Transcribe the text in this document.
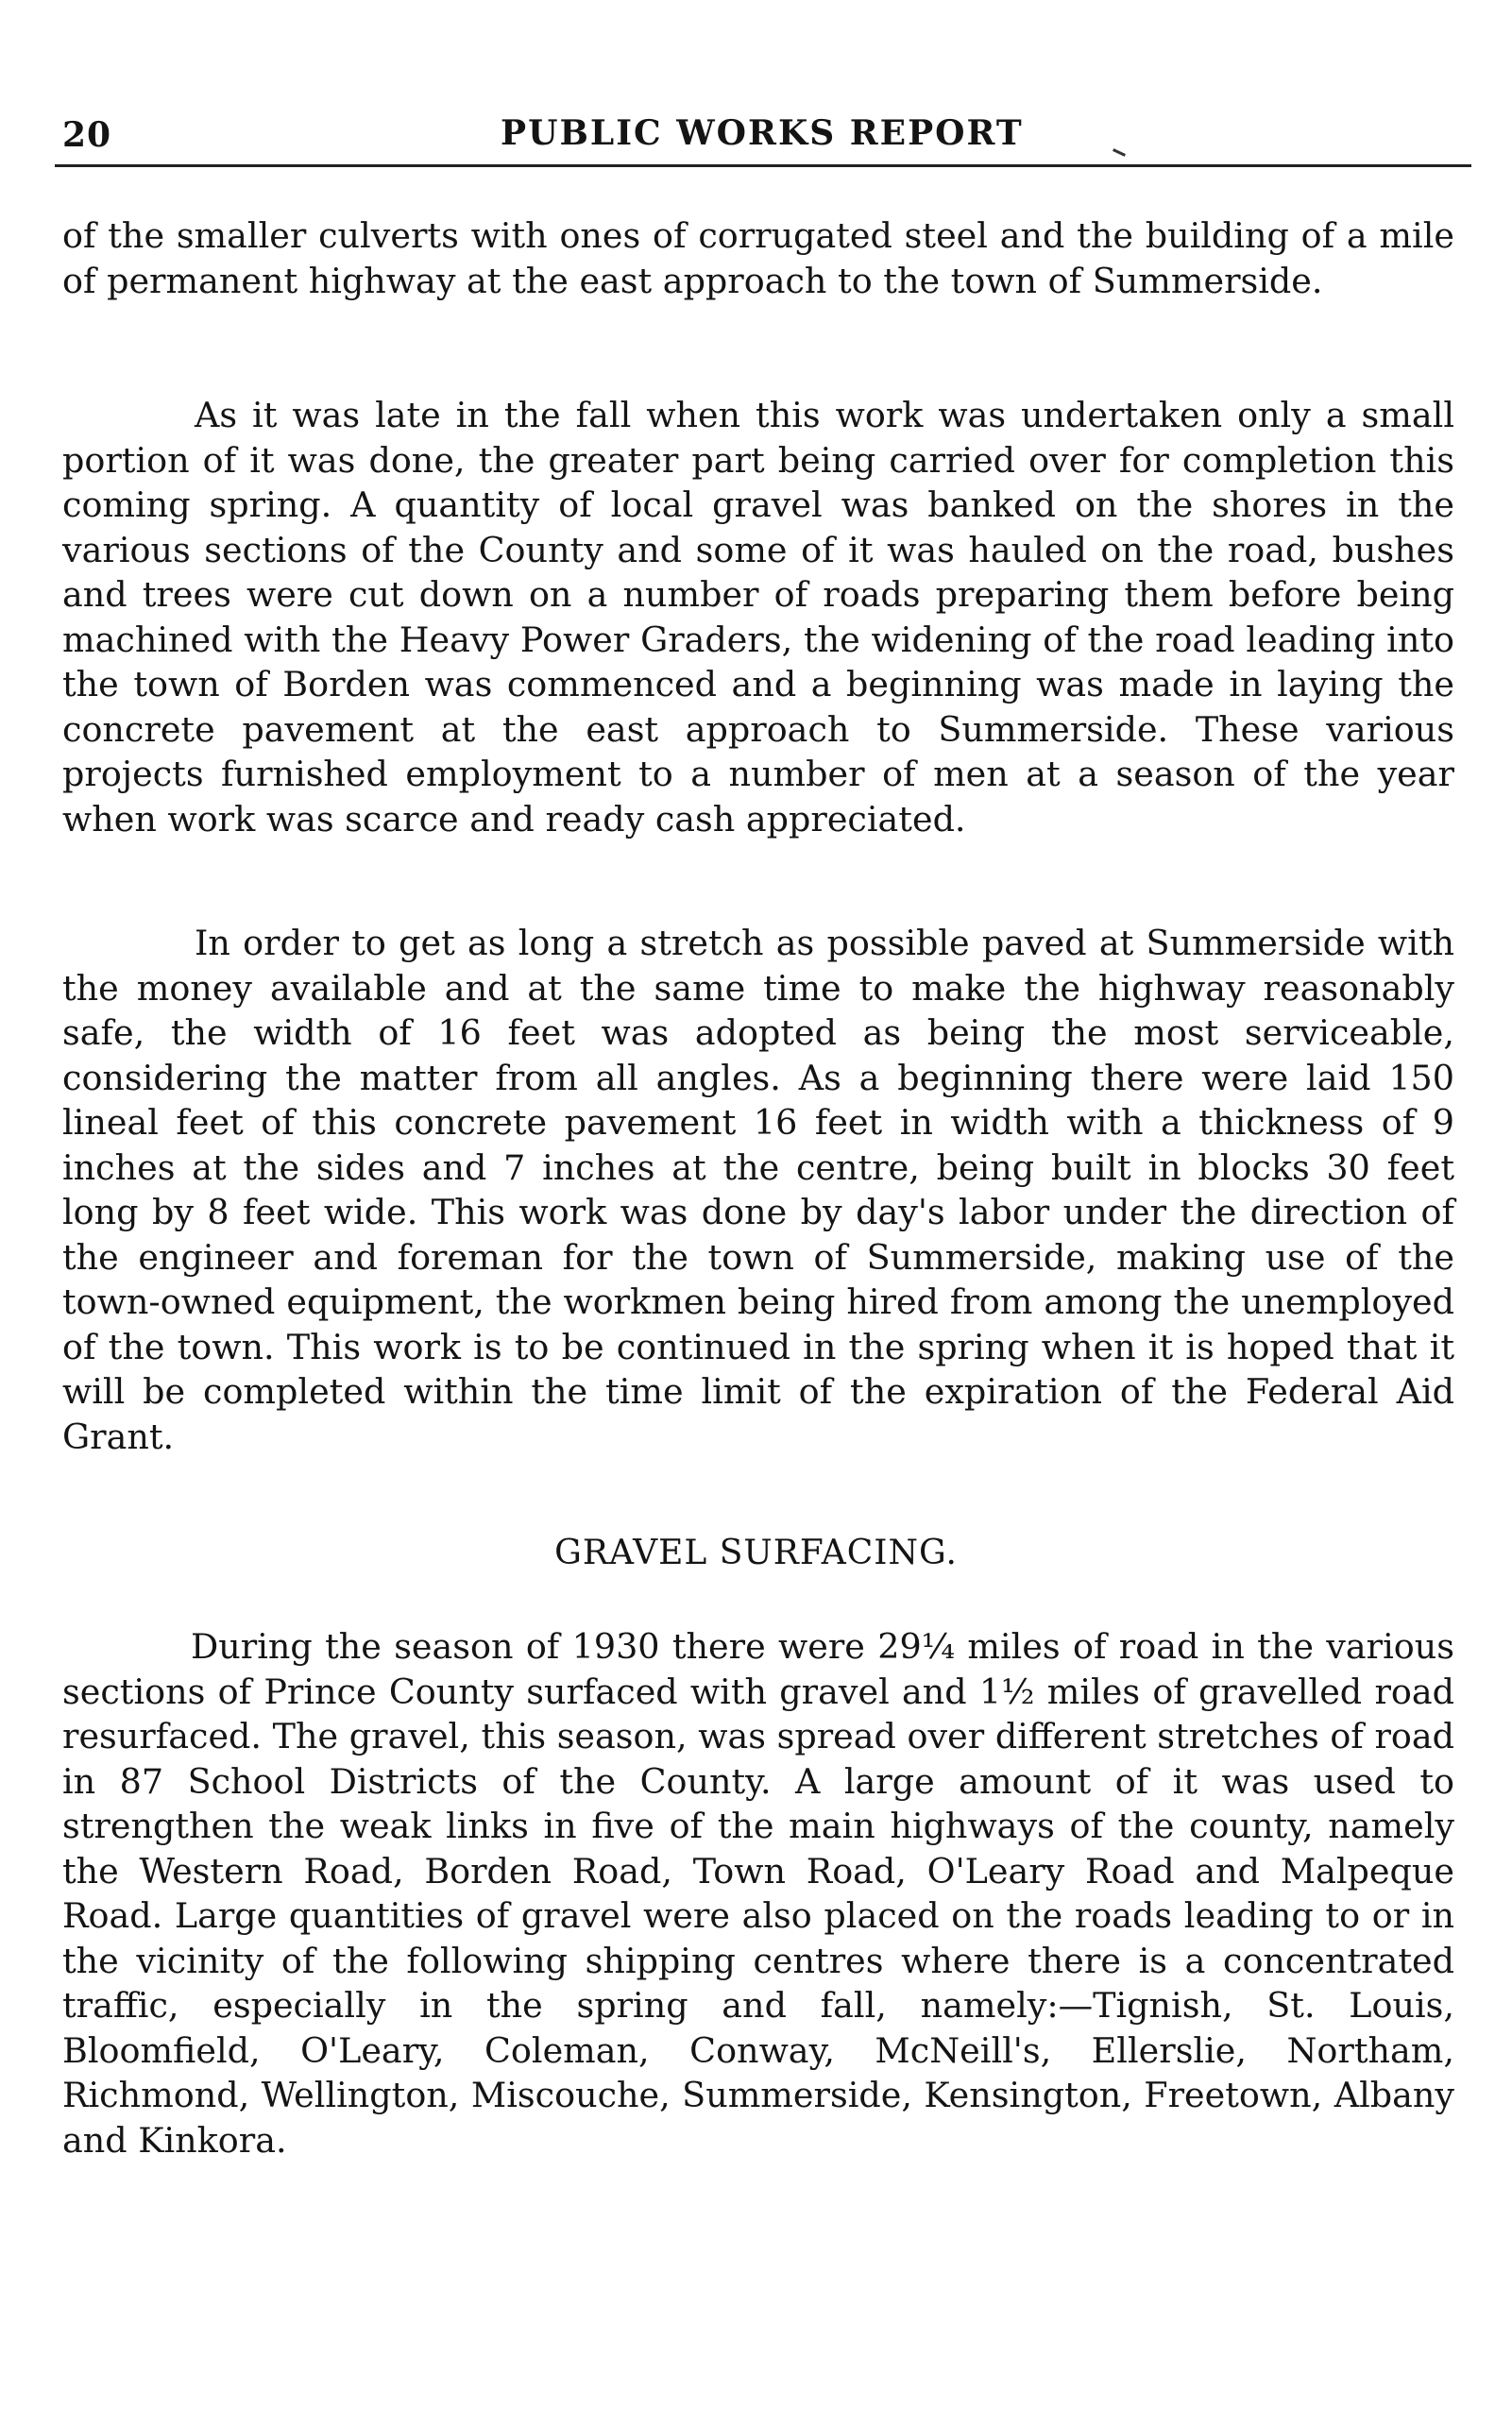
20	PUBLIC WORKS REPORT

of the smaller culverts with ones of corrugated steel and the building of a mile of permanent highway at the east approach to the town of Summerside.

As it was late in the fall when this work was undertaken only a small portion of it was done, the greater part being carried over for completion this coming spring. A quantity of local gravel was banked on the shores in the various sections of the County and some of it was hauled on the road, bushes and trees were cut down on a number of roads preparing them before being machined with the Heavy Power Graders, the widening of the road leading into the town of Borden was commenced and a beginning was made in laying the concrete pavement at the east approach to Summerside. These various projects furnished employment to a number of men at a season of the year when work was scarce and ready cash appreciated.

In order to get as long a stretch as possible paved at Summerside with the money available and at the same time to make the highway reasonably safe, the width of 16 feet was adopted as being the most serviceable, considering the matter from all angles. As a beginning there were laid 150 lineal feet of this concrete pavement 16 feet in width with a thickness of 9 inches at the sides and 7 inches at the centre, being built in blocks 30 feet long by 8 feet wide. This work was done by day's labor under the direction of the engineer and foreman for the town of Summerside, making use of the town-owned equipment, the workmen being hired from among the unemployed of the town. This work is to be continued in the spring when it is hoped that it will be completed within the time limit of the expiration of the Federal Aid Grant.

GRAVEL SURFACING.

During the season of 1930 there were 29¼ miles of road in the various sections of Prince County surfaced with gravel and 1½ miles of gravelled road resurfaced. The gravel, this season, was spread over different stretches of road in 87 School Districts of the County. A large amount of it was used to strengthen the weak links in five of the main highways of the county, namely the Western Road, Borden Road, Town Road, O'Leary Road and Malpeque Road. Large quantities of gravel were also placed on the roads leading to or in the vicinity of the following shipping centres where there is a concentrated traffic, especially in the spring and fall, namely:—Tignish, St. Louis, Bloomfield, O'Leary, Coleman, Conway, McNeill's, Ellerslie, Northam, Richmond, Wellington, Miscouche, Summerside, Kensington, Freetown, Albany and Kinkora.
